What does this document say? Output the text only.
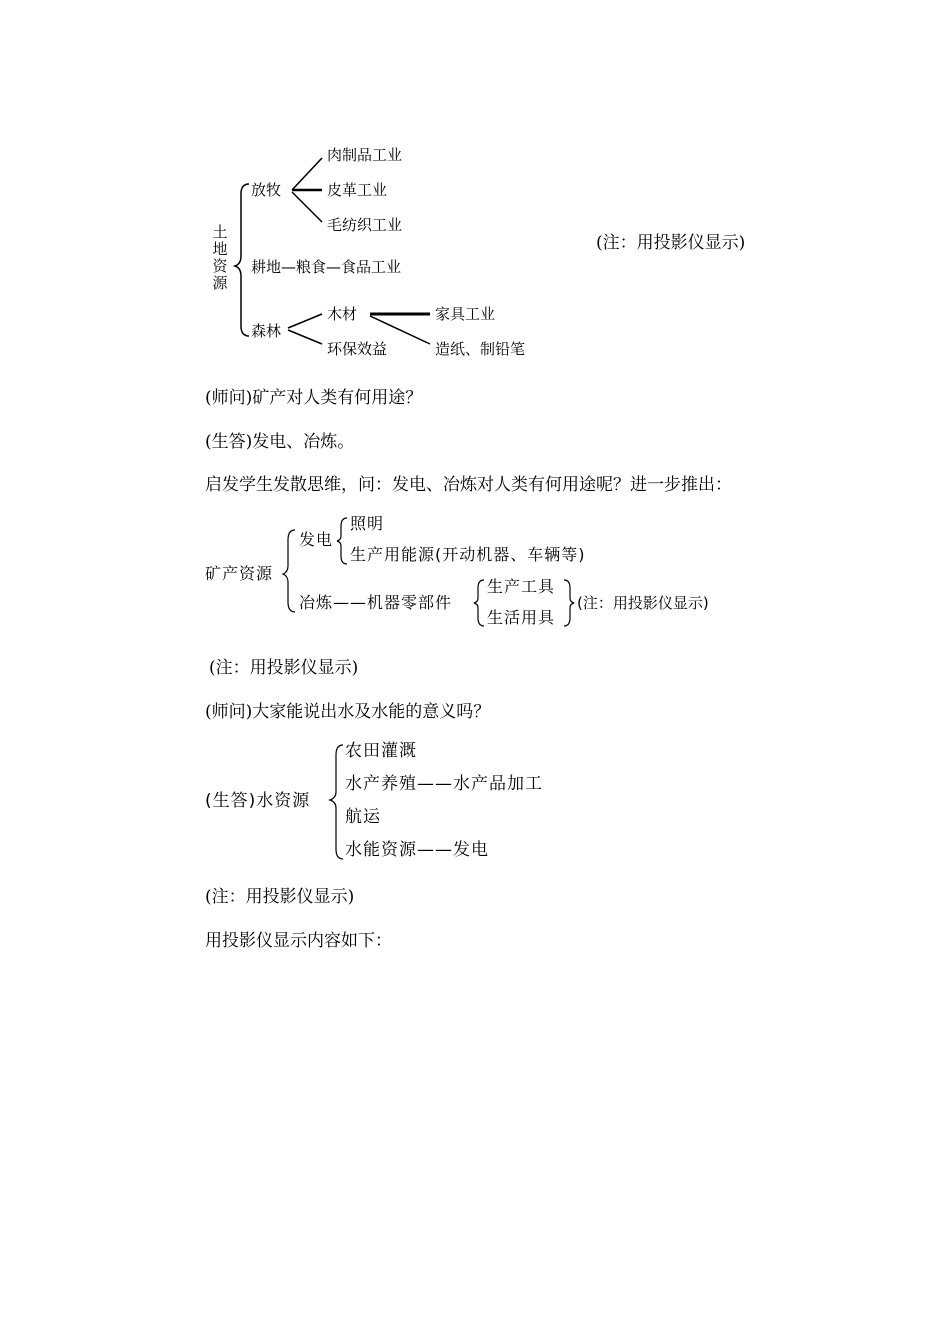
土地资源
放牧
肉制品工业
皮革工业
毛纺织工业
耕地—粮食—食品工业
森林
木材
环保效益
家具工业
造纸、制铅笔
(注：用投影仪显示)
(师问)矿产对人类有何用途？
(生答)发电、冶炼。
启发学生发散思维，问：发电、冶炼对人类有何用途呢？进一步推出：
矿产资源
发电
照明
生产用能源(开动机器、车辆等)
冶炼——机器零部件
生产工具
生活用具
(注：用投影仪显示)
(注：用投影仪显示)
(师问)大家能说出水及水能的意义吗？
(生答)水资源
农田灌溉
水产养殖——水产品加工
航运
水能资源——发电
(注：用投影仪显示)
用投影仪显示内容如下：
